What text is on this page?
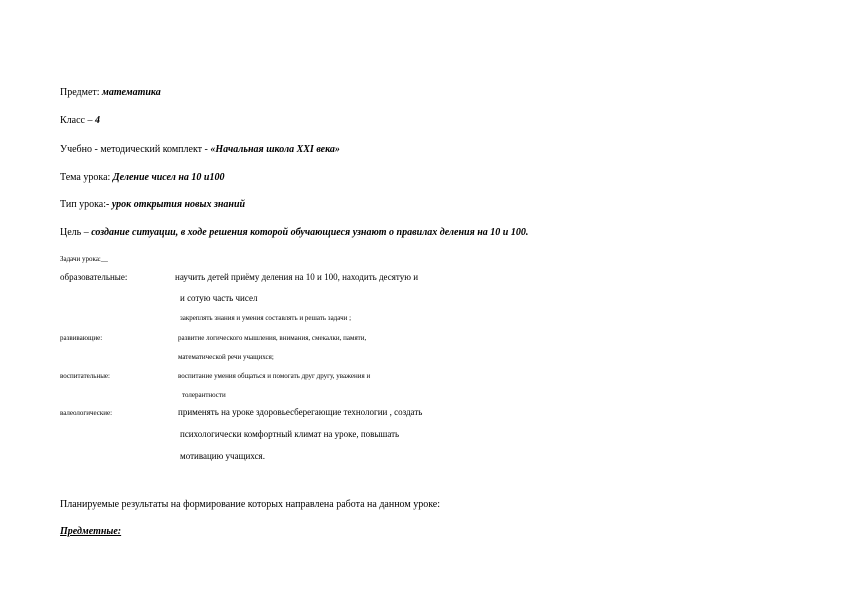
Предмет: математика
Класс – 4
Учебно - методический комплект - «Начальная школа XXI века»
Тема урока: Деление чисел на 10 и100
Тип урока:- урок открытия новых знаний
Цель – создание ситуации, в ходе решения которой обучающиеся узнают о правилах деления на 10 и 100.
Задачи урока:__
образовательные:	научить детей приёму деления на 10 и 100, находить десятую и
и сотую часть чисел
закреплять знания и умения составлять и решать задачи ;
развивающие:	развитие логического мышления, внимания, смекалки, памяти,
математической речи учащихся;
воспитательные:	воспитание умения общаться и помогать друг другу, уважения и
толерантности
валеологические:	применять на уроке здоровьесберегающие технологии , создать
психологически комфортный климат на уроке, повышать
мотивацию учащихся.
Планируемые результаты на формирование которых направлена работа на данном уроке:
Предметные:
